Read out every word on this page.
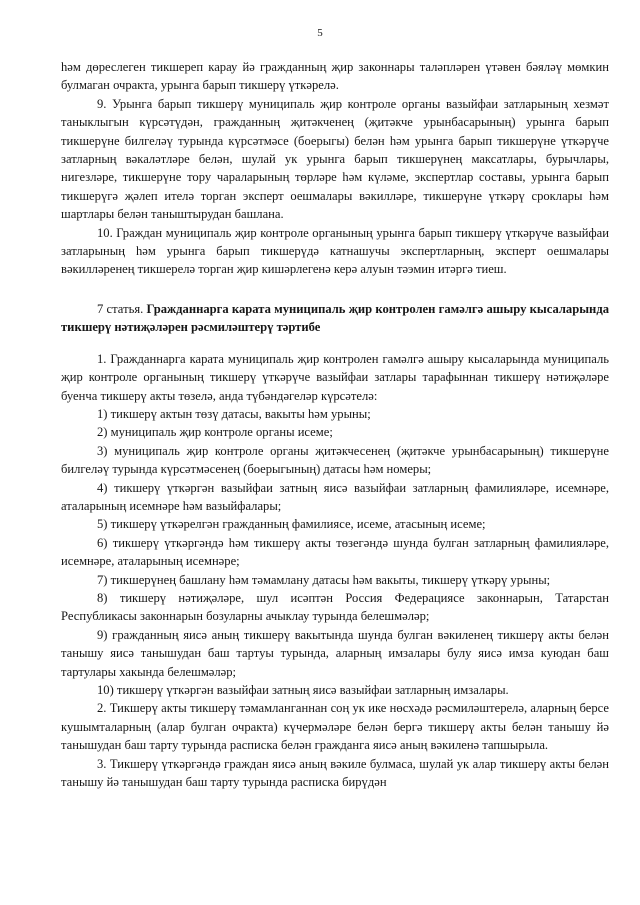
5

һәм дөреслеген тикшереп карау йә гражданның җир законнары таләпләрен үтәвен бәяләү мөмкин булмаган очракта, урынга барып тикшерү үткәрелә.

9. Урынга барып тикшерү муниципаль җир контроле органы вазыйфаи затларының хезмәт таныклыгын күрсәтүдән, гражданның җитәкченең (җитәкче урынбасарының) урынга барып тикшерүне билгеләү турында күрсәтмәсе (боерыгы) белән һәм урынга барып тикшерүне үткәрүче затларның вәкаләтләре белән, шулай ук урынга барып тикшерүнең максатлары, бурычлары, нигезләре, тикшерүне тору чараларының төрләре һәм күләме, экспертлар составы, урынга барып тикшерүгә җәлеп ителә торган эксперт оешмалары вәкилләре, тикшерүне үткәрү сроклары һәм шартлары белән таныштырудан башлана.

10. Граждан муниципаль җир контроле органының урынга барып тикшерү үткәрүче вазыйфаи затларының һәм урынга барып тикшерүдә катнашучы экспертларның, эксперт оешмалары вәкилләренең тикшерелә торган җир кишәрлегенә керә алуын тәэмин итәргә тиеш.

7 статья. Гражданнарга карата муниципаль җир контролен гамәлгә ашыру кысаларында тикшерү нәтиҗәләрен рәсмиләштерү тәртибе

1. Гражданнарга карата муниципаль җир контролен гамәлгә ашыру кысаларында муниципаль җир контроле органының тикшерү үткәрүче вазыйфаи затлары тарафыннан тикшерү нәтиҗәләре буенча тикшерү акты төзелә, анда түбәндәгеләр күрсәтелә:

1) тикшерү актын төзү датасы, вакыты һәм урыны;

2) муниципаль җир контроле органы исеме;

3) муниципаль җир контроле органы җитәкчесенең (җитәкче урынбасарының) тикшерүне билгеләү турында күрсәтмәсенең (боерыгының) датасы һәм номеры;

4) тикшерү үткәргән вазыйфаи затның яисә вазыйфаи затларның фамилияләре, исемнәре, аталарының исемнәре һәм вазыйфалары;

5) тикшерү үткәрелгән гражданның фамилиясе, исеме, атасының исеме;

6) тикшерү үткәргәндә һәм тикшерү акты төзегәндә шунда булган затларның фамилияләре, исемнәре, аталарының исемнәре;

7) тикшерүнең башлану һәм тәмамлану датасы һәм вакыты, тикшерү үткәрү урыны;

8) тикшерү нәтиҗәләре, шул исәптән Россия Федерациясе законнарын, Татарстан Республикасы законнарын бозуларны ачыклау турында белешмәләр;

9) гражданның яисә аның тикшерү вакытында шунда булган вәкиленең тикшерү акты белән танышу яисә танышудан баш тартуы турында, аларның имзалары булу яисә имза куюдан баш тартулары хакында белешмәләр;

10) тикшерү үткәргән вазыйфаи затның яисә вазыйфаи затларның имзалары.

2. Тикшерү акты тикшерү тәмамланганнан соң ук ике нөсхәдә рәсмиләштерелә, аларның берсе кушымталарның (алар булган очракта) күчермәләре белән бергә тикшерү акты белән танышу йә танышудан баш тарту турында расписка белән гражданга яисә аның вәкиленә тапшырыла.

3. Тикшерү үткәргәндә граждан яисә аның вәкиле булмаса, шулай ук алар тикшерү акты белән танышу йә танышудан баш тарту турында расписка бирүдән
